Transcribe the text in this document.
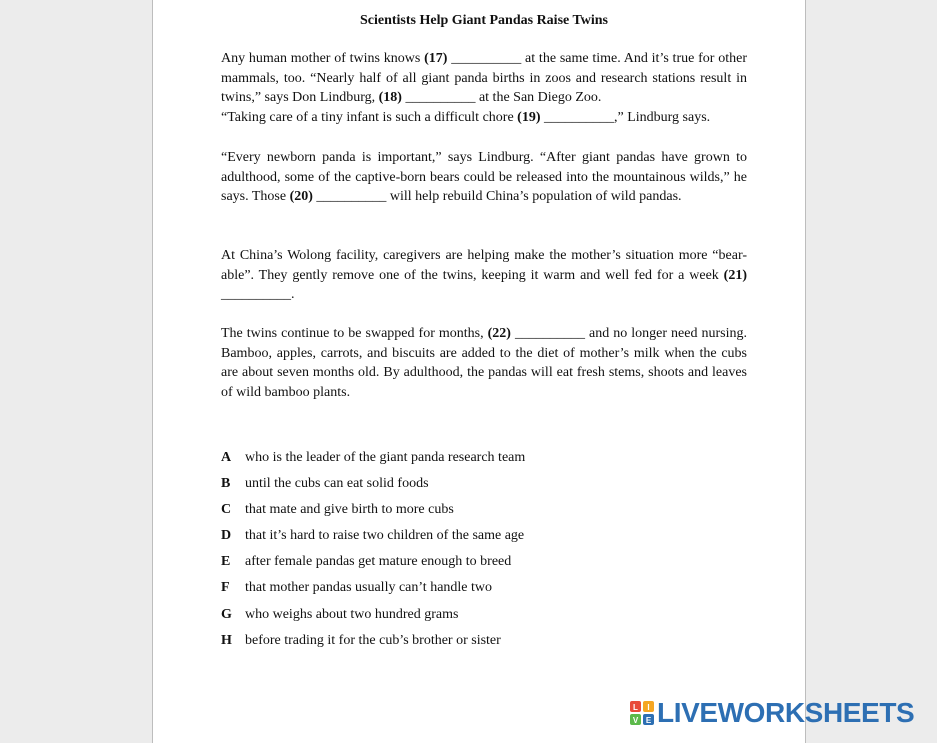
Scientists Help Giant Pandas Raise Twins

Any human mother of twins knows (17) __________ at the same time. And it’s true for other mammals, too. “Nearly half of all giant panda births in zoos and research stations result in twins,” says Don Lindburg, (18) __________ at the San Diego Zoo.
“Taking care of a tiny infant is such a difficult chore (19) __________,” Lindburg says.

“Every newborn panda is important,” says Lindburg. “After giant pandas have grown to adulthood, some of the captive-born bears could be released into the mountainous wilds,” he says. Those (20) __________ will help rebuild China’s population of wild pandas.

At China’s Wolong facility, caregivers are helping make the mother’s situation more “bear-able”. They gently remove one of the twins, keeping it warm and well fed for a week (21) __________.

The twins continue to be swapped for months, (22) __________ and no longer need nursing. Bamboo, apples, carrots, and biscuits are added to the diet of mother’s milk when the cubs are about seven months old. By adulthood, the pandas will eat fresh stems, shoots and leaves of wild bamboo plants.

A who is the leader of the giant panda research team
B until the cubs can eat solid foods
C that mate and give birth to more cubs
D that it’s hard to raise two children of the same age
E after female pandas get mature enough to breed
F that mother pandas usually can’t handle two
G who weighs about two hundred grams
H before trading it for the cub’s brother or sister
L I
V E LIVEWORKSHEETS
